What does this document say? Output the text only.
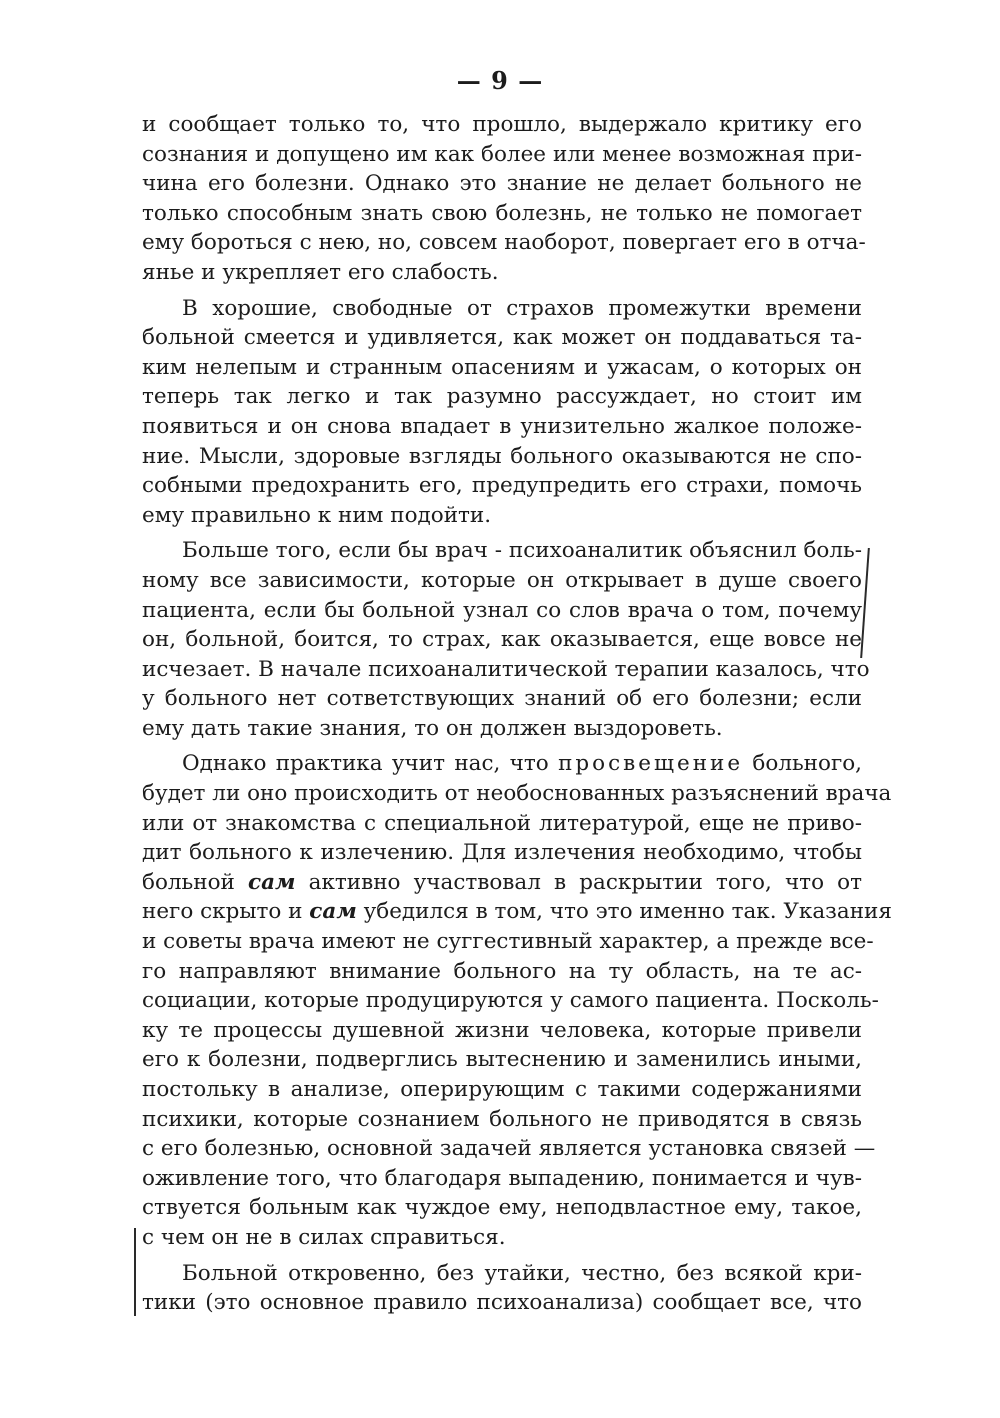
— 9 —
и сообщает только то, что прошло, выдержало критику его
сознания и допущено им как более или менее возможная при-
чина его болезни. Однако это знание не делает больного не
только способным знать свою болезнь, не только не помогает
ему бороться с нею, но, совсем наоборот, повергает его в отча-
янье и укрепляет его слабость.
В хорошие, свободные от страхов промежутки времени
больной смеется и удивляется, как может он поддаваться та-
ким нелепым и странным опасениям и ужасам, о которых он
теперь так легко и так разумно рассуждает, но стоит им
появиться и он снова впадает в унизительно жалкое положе-
ние. Мысли, здоровые взгляды больного оказываются не спо-
собными предохранить его, предупредить его страхи, помочь
ему правильно к ним подойти.
Больше того, если бы врач - психоаналитик объяснил боль-
ному все зависимости, которые он открывает в душе своего
пациента, если бы больной узнал со слов врача о том, почему
он, больной, боится, то страх, как оказывается, еще вовсе не
исчезает. В начале психоаналитической терапии казалось, что
у больного нет сответствующих знаний об его болезни; если
ему дать такие знания, то он должен выздороветь.
Однако практика учит нас, что просвещение больного,
будет ли оно происходить от необоснованных разъяснений врача
или от знакомства с специальной литературой, еще не приво-
дит больного к излечению. Для излечения необходимо, чтобы
больной сам активно участвовал в раскрытии того, что от
него скрыто и сам убедился в том, что это именно так. Указания
и советы врача имеют не суггестивный характер, а прежде все-
го направляют внимание больного на ту область, на те ас-
социации, которые продуцируются у самого пациента. Посколь-
ку те процессы душевной жизни человека, которые привели
его к болезни, подверглись вытеснению и заменились иными,
постольку в анализе, оперирующим с такими содержаниями
психики, которые сознанием больного не приводятся в связь
с его болезнью, основной задачей является установка связей —
оживление того, что благодаря выпадению, понимается и чув-
ствуется больным как чуждое ему, неподвластное ему, такое,
с чем он не в силах справиться.
Больной откровенно, без утайки, честно, без всякой кри-
тики (это основное правило психоанализа) сообщает все, что
